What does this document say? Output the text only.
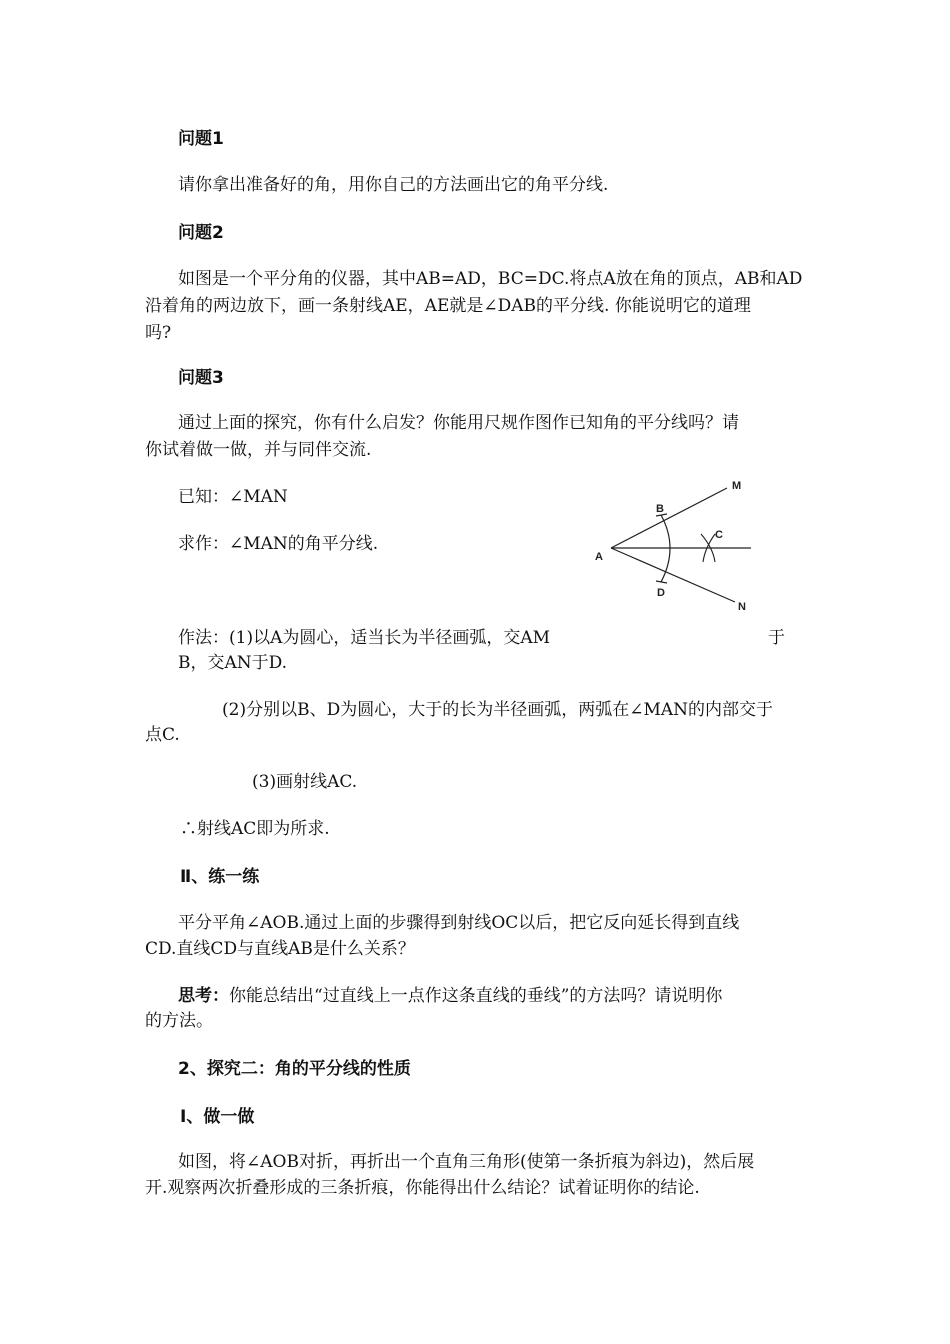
问题1
请你拿出准备好的角，用你自己的方法画出它的角平分线.
问题2
如图是一个平分角的仪器，其中AB=AD，BC=DC.将点A放在角的顶点，AB和AD
沿着角的两边放下，画一条射线AE，AE就是∠DAB的平分线. 你能说明它的道理
吗?
问题3
通过上面的探究，你有什么启发？你能用尺规作图作已知角的平分线吗？请
你试着做一做，并与同伴交流.
已知：∠MAN
求作：∠MAN的角平分线.
A
B
C
D
M
N
作法：(1)以A为圆心，适当长为半径画弧，交AM	于
B，交AN于D.
(2)分别以B、D为圆心，大于的长为半径画弧，两弧在∠MAN的内部交于
点C.
(3)画射线AC.
∴射线AC即为所求.
Ⅱ、练一练
平分平角∠AOB.通过上面的步骤得到射线OC以后，把它反向延长得到直线
CD.直线CD与直线AB是什么关系？
思考：你能总结出“过直线上一点作这条直线的垂线”的方法吗？请说明你
的方法。
2、探究二：角的平分线的性质
Ⅰ、做一做
如图，将∠AOB对折，再折出一个直角三角形(使第一条折痕为斜边)，然后展
开.观察两次折叠形成的三条折痕，你能得出什么结论？试着证明你的结论.
